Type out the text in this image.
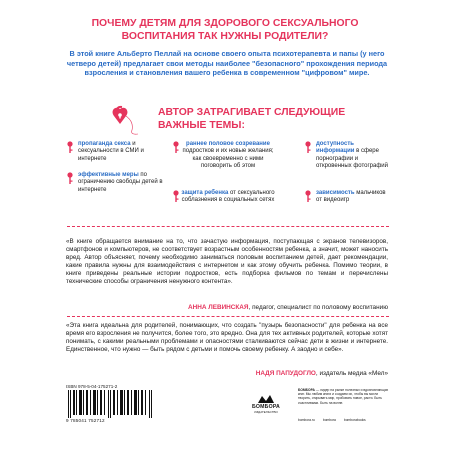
ПОЧЕМУ ДЕТЯМ ДЛЯ ЗДОРОВОГО СЕКСУАЛЬНОГО ВОСПИТАНИЯ ТАК НУЖНЫ РОДИТЕЛИ?
В этой книге Альберто Пеллай на основе своего опыта психотерапевта и папы (у него четверо детей) предлагает свои методы наиболее "безопасного" прохождения периода взросления и становления вашего ребенка в современном "цифровом" мире.
АВТОР ЗАТРАГИВАЕТ СЛЕДУЮЩИЕ ВАЖНЫЕ ТЕМЫ:
пропаганда секса и сексуальности в СМИ и интернете
эффективные меры по ограничению свободы детей в интернете
раннее половое созревание подростков и их новые желания; как своевременно с ними поговорить об этом
защита ребенка от сексуального соблазнения в социальных сетях
доступность информации в сфере порнографии и откровенных фотографий
зависимость мальчиков от видеоигр
«В книге обращается внимание на то, что зачастую информация, поступающая с экранов телевизоров, смартфонов и компьютеров, не соответствует возрастным особенностям ребенка, а значит, может наносить вред. Автор объясняет, почему необходимо заниматься половым воспитанием детей, дает рекомендации, какие правила нужны для взаимодействия с интернетом и как этому обучить ребенка. Помимо теории, в книге приведены реальные истории подростков, есть подборка фильмов по темам и перечислены технические способы ограничения ненужного контента».
АННА ЛЕВИНСКАЯ, педагог, специалист по половому воспитанию
«Эта книга идеальна для родителей, понимающих, что создать "пузырь безопасности" для ребенка на все время его взросления не получится, более того, это вредно. Она для тех активных родителей, которые хотят понимать, с какими реальными проблемами и опасностями сталкиваются сейчас дети в жизни и интернете. Единственное, что нужно — быть рядом с детьми и помочь своему ребенку. А заодно и себе».
НАДЯ ПАПУДОГЛО, издатель медиа «Мел»
ISBN 978-5-04-175271-2
9 785041 752712
БОМБОРА
ИЗДАТЕЛЬСТВО
БОМБОРА — лидер на рынке полезных и вдохновляющих книг. Мы любим книги и создаем их, чтобы вы могли творить, открывать мир, пробовать новое, расти. Быть счастливыми. Быть на волне.
bombora.ru bombora bomborabooks
